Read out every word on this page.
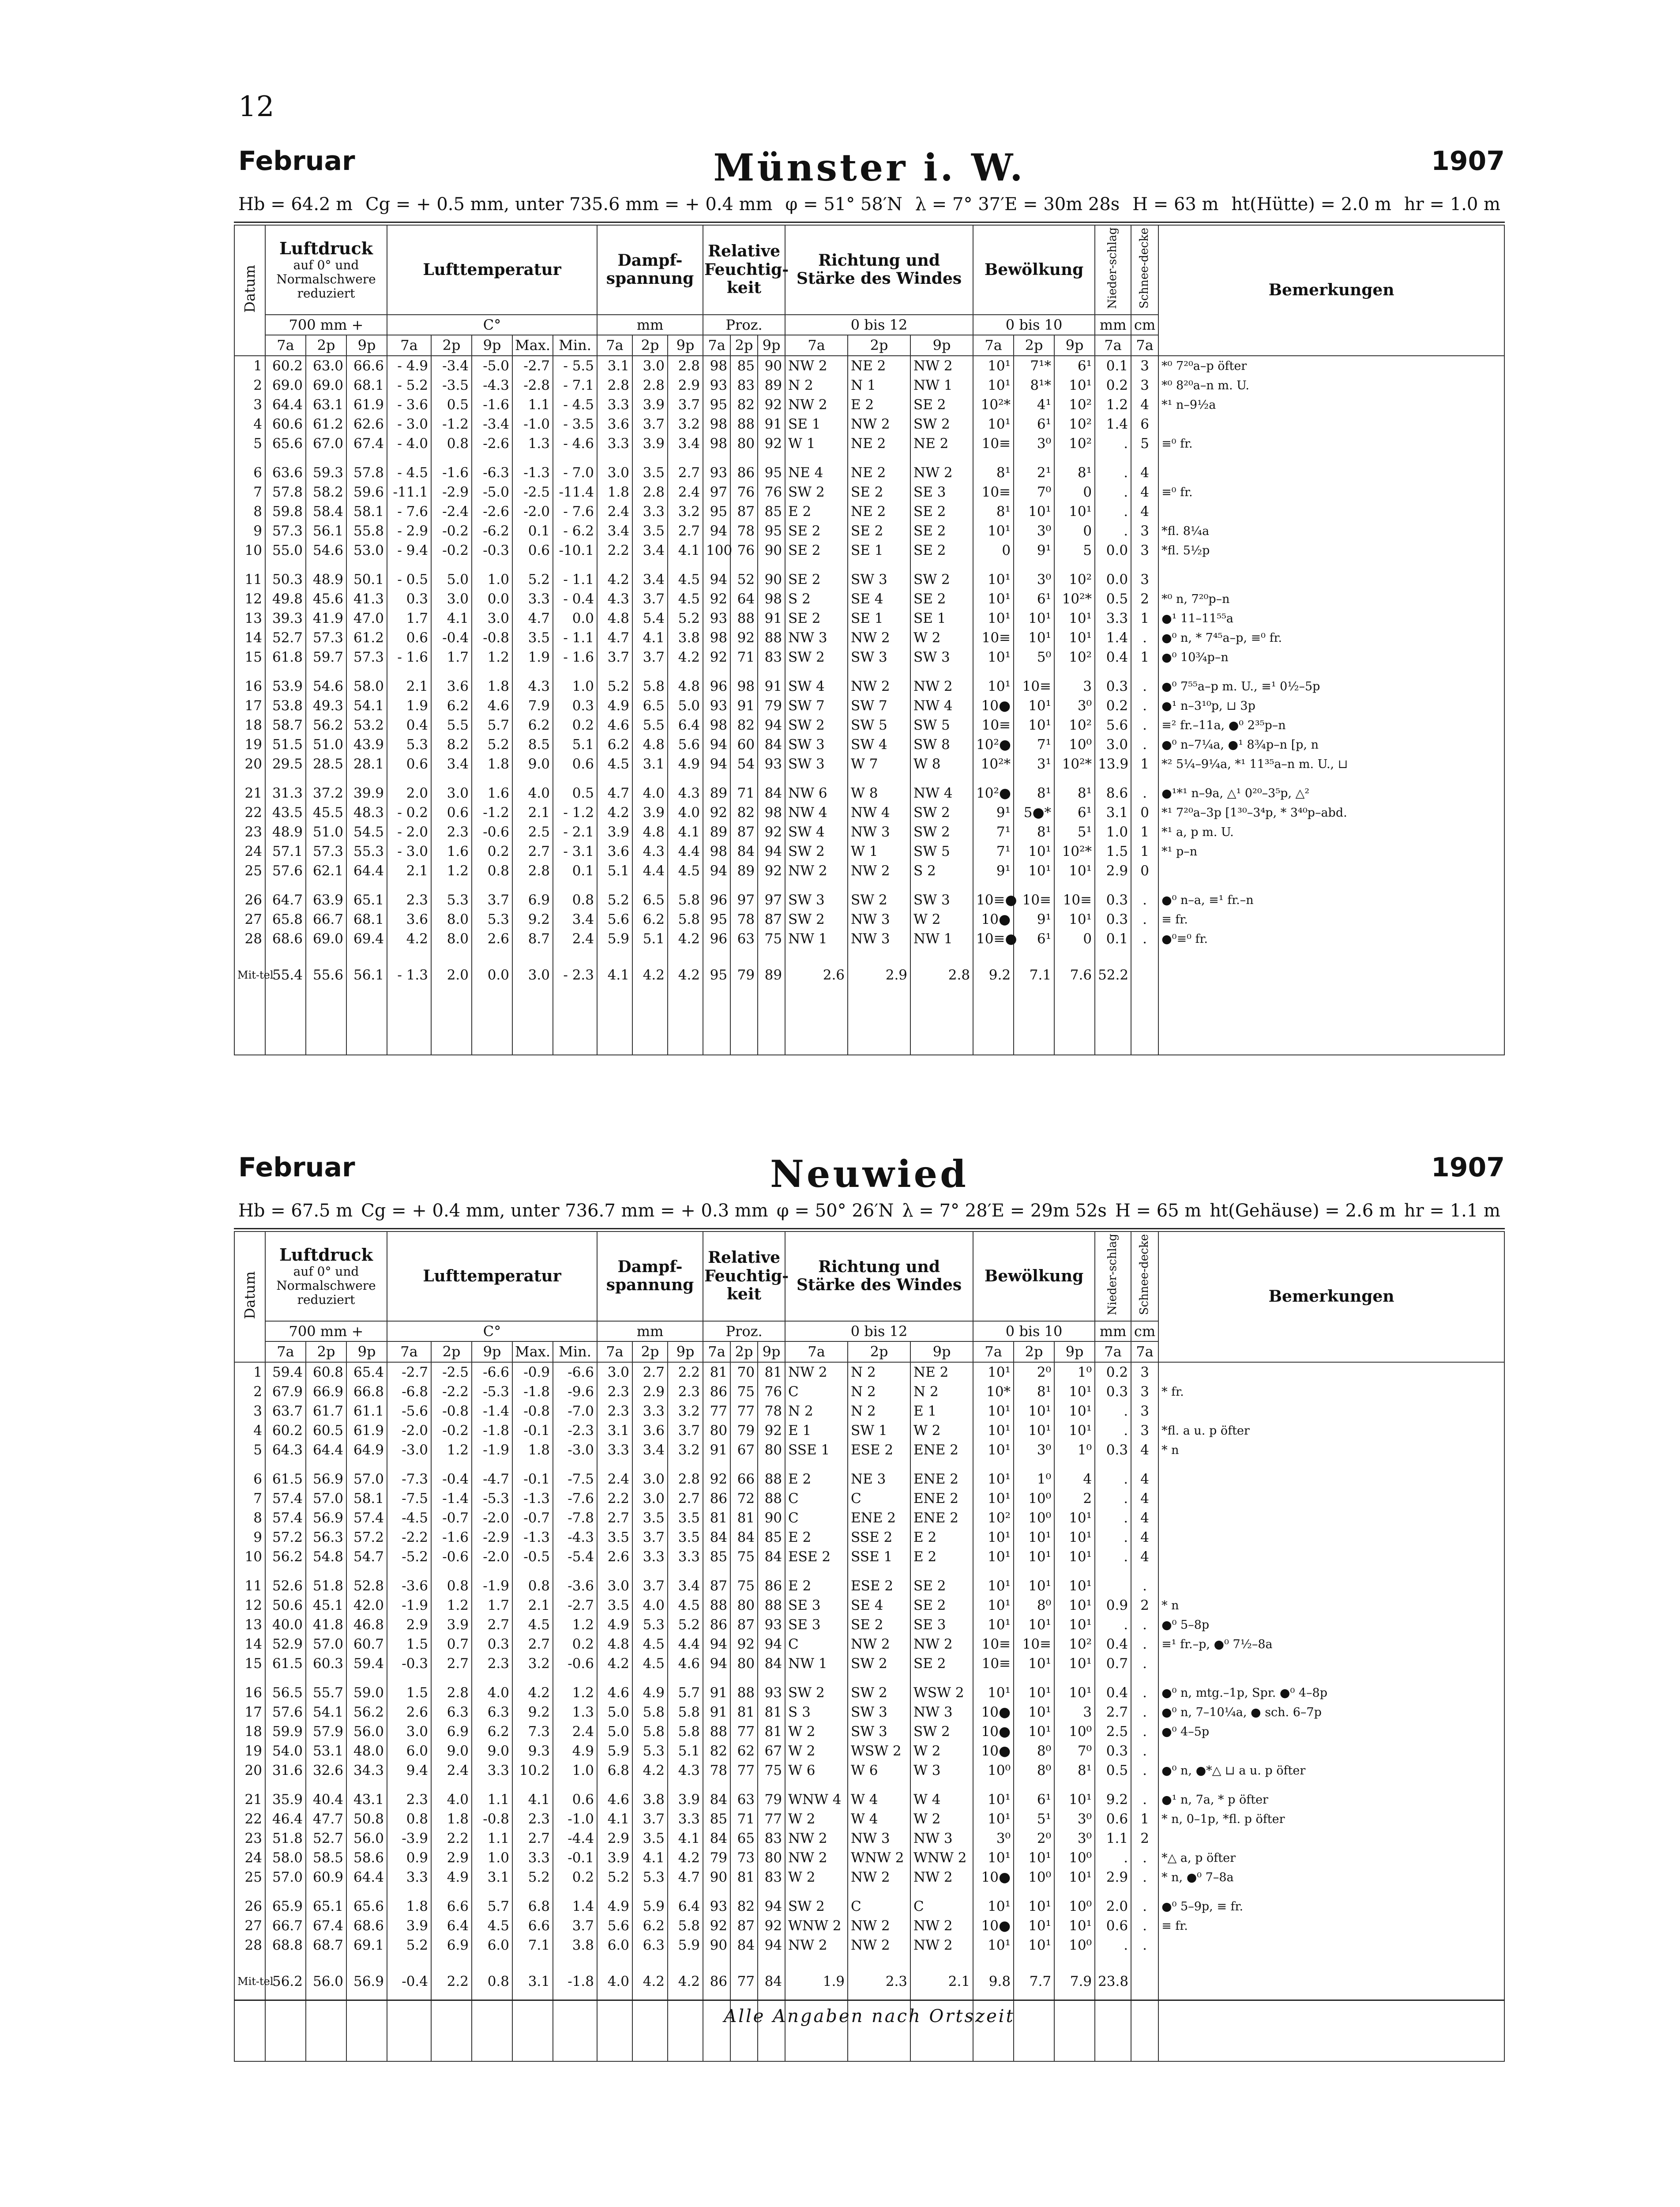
12
Februar	Münster i. W.	1907
Hb = 64.2 m Cg = + 0.5 mm, unter 735.6 mm = + 0.4 mm φ = 51° 58′N λ = 7° 37′E = 30m 28s H = 63 m ht(Hütte) = 2.0 m hr = 1.0 m
Datum	Luftdruck
auf 0° und
Normalschwere
reduziert			Lufttemperatur					Dampf-spannung			Relative Feuchtig-keit			Richtung und Stärke des Windes			Bewölkung			Nieder-schlag	Schnee-decke	Bemerkungen
	700 mm +			C°					mm			Proz.			0 bis 12			0 bis 10			mm	cm	
	7a	2p	9p	7a	2p	9p	Max.	Min.	7a	2p	9p	7a	2p	9p	7a	2p	9p	7a	2p	9p	7a	7a	
1	60.2	63.0	66.6	- 4.9	-3.4	-5.0	-2.7	- 5.5	3.1	3.0	2.8	98	85	90	NW 2	NE 2	NW 2	10¹	7¹*	6¹	0.1	3	*⁰ 7²⁰a–p öfter
2	69.0	69.0	68.1	- 5.2	-3.5	-4.3	-2.8	- 7.1	2.8	2.8	2.9	93	83	89	N 2	N 1	NW 1	10¹	8¹*	10¹	0.2	3	*⁰ 8²⁰a–n m. U.
3	64.4	63.1	61.9	- 3.6	0.5	-1.6	1.1	- 4.5	3.3	3.9	3.7	95	82	92	NW 2	E 2	SE 2	10²*	4¹	10²	1.2	4	*¹ n–9½a
4	60.6	61.2	62.6	- 3.0	-1.2	-3.4	-1.0	- 3.5	3.6	3.7	3.2	98	88	91	SE 1	NW 2	SW 2	10¹	6¹	10²	1.4	6	
5	65.6	67.0	67.4	- 4.0	0.8	-2.6	1.3	- 4.6	3.3	3.9	3.4	98	80	92	W 1	NE 2	NE 2	10≡	3⁰	10²	.	5	≡⁰ fr.
6	63.6	59.3	57.8	- 4.5	-1.6	-6.3	-1.3	- 7.0	3.0	3.5	2.7	93	86	95	NE 4	NE 2	NW 2	8¹	2¹	8¹	.	4	
7	57.8	58.2	59.6	-11.1	-2.9	-5.0	-2.5	-11.4	1.8	2.8	2.4	97	76	76	SW 2	SE 2	SE 3	10≡	7⁰	0	.	4	≡⁰ fr.
8	59.8	58.4	58.1	- 7.6	-2.4	-2.6	-2.0	- 7.6	2.4	3.3	3.2	95	87	85	E 2	NE 2	SE 2	8¹	10¹	10¹	.	4	
9	57.3	56.1	55.8	- 2.9	-0.2	-6.2	0.1	- 6.2	3.4	3.5	2.7	94	78	95	SE 2	SE 2	SE 2	10¹	3⁰	0	.	3	*fl. 8¼a
10	55.0	54.6	53.0	- 9.4	-0.2	-0.3	0.6	-10.1	2.2	3.4	4.1	100	76	90	SE 2	SE 1	SE 2	0	9¹	5	0.0	3	*fl. 5½p
11	50.3	48.9	50.1	- 0.5	5.0	1.0	5.2	- 1.1	4.2	3.4	4.5	94	52	90	SE 2	SW 3	SW 2	10¹	3⁰	10²	0.0	3	
12	49.8	45.6	41.3	0.3	3.0	0.0	3.3	- 0.4	4.3	3.7	4.5	92	64	98	S 2	SE 4	SE 2	10¹	6¹	10²*	0.5	2	*⁰ n, 7²⁰p–n
13	39.3	41.9	47.0	1.7	4.1	3.0	4.7	0.0	4.8	5.4	5.2	93	88	91	SE 2	SE 1	SE 1	10¹	10¹	10¹	3.3	1	●¹ 11–11⁵⁵a
14	52.7	57.3	61.2	0.6	-0.4	-0.8	3.5	- 1.1	4.7	4.1	3.8	98	92	88	NW 3	NW 2	W 2	10≡	10¹	10¹	1.4	.	●⁰ n, * 7⁴⁵a–p, ≡⁰ fr.
15	61.8	59.7	57.3	- 1.6	1.7	1.2	1.9	- 1.6	3.7	3.7	4.2	92	71	83	SW 2	SW 3	SW 3	10¹	5⁰	10²	0.4	1	●⁰ 10¾p–n
16	53.9	54.6	58.0	2.1	3.6	1.8	4.3	1.0	5.2	5.8	4.8	96	98	91	SW 4	NW 2	NW 2	10¹	10≡	3	0.3	.	●⁰ 7⁵⁵a–p m. U., ≡¹ 0½–5p
17	53.8	49.3	54.1	1.9	6.2	4.6	7.9	0.3	4.9	6.5	5.0	93	91	79	SW 7	SW 7	NW 4	10●	10¹	3⁰	0.2	.	●¹ n–3¹⁰p, ⊔ 3p
18	58.7	56.2	53.2	0.4	5.5	5.7	6.2	0.2	4.6	5.5	6.4	98	82	94	SW 2	SW 5	SW 5	10≡	10¹	10²	5.6	.	≡² fr.–11a, ●⁰ 2³⁵p–n
19	51.5	51.0	43.9	5.3	8.2	5.2	8.5	5.1	6.2	4.8	5.6	94	60	84	SW 3	SW 4	SW 8	10²●	7¹	10⁰	3.0	.	●⁰ n–7¼a, ●¹ 8¾p–n [p, n
20	29.5	28.5	28.1	0.6	3.4	1.8	9.0	0.6	4.5	3.1	4.9	94	54	93	SW 3	W 7	W 8	10²*	3¹	10²*	13.9	1	*² 5¼–9¼a, *¹ 11³⁵a–n m. U., ⊔
21	31.3	37.2	39.9	2.0	3.0	1.6	4.0	0.5	4.7	4.0	4.3	89	71	84	NW 6	W 8	NW 4	10²●	8¹	8¹	8.6	.	●¹*¹ n–9a, △¹ 0²⁰–3⁵p, △²
22	43.5	45.5	48.3	- 0.2	0.6	-1.2	2.1	- 1.2	4.2	3.9	4.0	92	82	98	NW 4	NW 4	SW 2	9¹	5●*	6¹	3.1	0	*¹ 7²⁰a–3p [1³⁰–3⁴p, * 3⁴⁰p–abd.
23	48.9	51.0	54.5	- 2.0	2.3	-0.6	2.5	- 2.1	3.9	4.8	4.1	89	87	92	SW 4	NW 3	SW 2	7¹	8¹	5¹	1.0	1	*¹ a, p m. U.
24	57.1	57.3	55.3	- 3.0	1.6	0.2	2.7	- 3.1	3.6	4.3	4.4	98	84	94	SW 2	W 1	SW 5	7¹	10¹	10²*	1.5	1	*¹ p–n
25	57.6	62.1	64.4	2.1	1.2	0.8	2.8	0.1	5.1	4.4	4.5	94	89	92	NW 2	NW 2	S 2	9¹	10¹	10¹	2.9	0	
26	64.7	63.9	65.1	2.3	5.3	3.7	6.9	0.8	5.2	6.5	5.8	96	97	97	SW 3	SW 2	SW 3	10≡●	10≡	10≡	0.3	.	●⁰ n–a, ≡¹ fr.–n
27	65.8	66.7	68.1	3.6	8.0	5.3	9.2	3.4	5.6	6.2	5.8	95	78	87	SW 2	NW 3	W 2	10●	9¹	10¹	0.3	.	≡ fr.
28	68.6	69.0	69.4	4.2	8.0	2.6	8.7	2.4	5.9	5.1	4.2	96	63	75	NW 1	NW 3	NW 1	10≡●	6¹	0	0.1	.	●⁰≡⁰ fr.
Mit-tel	55.4	55.6	56.1	- 1.3	2.0	0.0	3.0	- 2.3	4.1	4.2	4.2	95	79	89	2.6	2.9	2.8	9.2	7.1	7.6	52.2		

Februar	Neuwied	1907
Hb = 67.5 m Cg = + 0.4 mm, unter 736.7 mm = + 0.3 mm φ = 50° 26′N λ = 7° 28′E = 29m 52s H = 65 m ht(Gehäuse) = 2.6 m hr = 1.1 m
Datum	Luftdruck
auf 0° und
Normalschwere
reduziert			Lufttemperatur					Dampf-spannung			Relative Feuchtig-keit			Richtung und Stärke des Windes			Bewölkung			Nieder-schlag	Schnee-decke	Bemerkungen
	700 mm +			C°					mm			Proz.			0 bis 12			0 bis 10			mm	cm	
	7a	2p	9p	7a	2p	9p	Max.	Min.	7a	2p	9p	7a	2p	9p	7a	2p	9p	7a	2p	9p	7a	7a	
1	59.4	60.8	65.4	-2.7	-2.5	-6.6	-0.9	-6.6	3.0	2.7	2.2	81	70	81	NW 2	N 2	NE 2	10¹	2⁰	1⁰	0.2	3	
2	67.9	66.9	66.8	-6.8	-2.2	-5.3	-1.8	-9.6	2.3	2.9	2.3	86	75	76	C	N 2	N 2	10*	8¹	10¹	0.3	3	* fr.
3	63.7	61.7	61.1	-5.6	-0.8	-1.4	-0.8	-7.0	2.3	3.3	3.2	77	77	78	N 2	N 2	E 1	10¹	10¹	10¹	.	3	
4	60.2	60.5	61.9	-2.0	-0.2	-1.8	-0.1	-2.3	3.1	3.6	3.7	80	79	92	E 1	SW 1	W 2	10¹	10¹	10¹	.	3	*fl. a u. p öfter
5	64.3	64.4	64.9	-3.0	1.2	-1.9	1.8	-3.0	3.3	3.4	3.2	91	67	80	SSE 1	ESE 2	ENE 2	10¹	3⁰	1⁰	0.3	4	* n
6	61.5	56.9	57.0	-7.3	-0.4	-4.7	-0.1	-7.5	2.4	3.0	2.8	92	66	88	E 2	NE 3	ENE 2	10¹	1⁰	4	.	4	
7	57.4	57.0	58.1	-7.5	-1.4	-5.3	-1.3	-7.6	2.2	3.0	2.7	86	72	88	C	C	ENE 2	10¹	10⁰	2	.	4	
8	57.4	56.9	57.4	-4.5	-0.7	-2.0	-0.7	-7.8	2.7	3.5	3.5	81	81	90	C	ENE 2	ENE 2	10²	10⁰	10¹	.	4	
9	57.2	56.3	57.2	-2.2	-1.6	-2.9	-1.3	-4.3	3.5	3.7	3.5	84	84	85	E 2	SSE 2	E 2	10¹	10¹	10¹	.	4	
10	56.2	54.8	54.7	-5.2	-0.6	-2.0	-0.5	-5.4	2.6	3.3	3.3	85	75	84	ESE 2	SSE 1	E 2	10¹	10¹	10¹	.	4	
11	52.6	51.8	52.8	-3.6	0.8	-1.9	0.8	-3.6	3.0	3.7	3.4	87	75	86	E 2	ESE 2	SE 2	10¹	10¹	10¹		.	
12	50.6	45.1	42.0	-1.9	1.2	1.7	2.1	-2.7	3.5	4.0	4.5	88	80	88	SE 3	SE 4	SE 2	10¹	8⁰	10¹	0.9	2	* n
13	40.0	41.8	46.8	2.9	3.9	2.7	4.5	1.2	4.9	5.3	5.2	86	87	93	SE 3	SE 2	SE 3	10¹	10¹	10¹	.	.	●⁰ 5–8p
14	52.9	57.0	60.7	1.5	0.7	0.3	2.7	0.2	4.8	4.5	4.4	94	92	94	C	NW 2	NW 2	10≡	10≡	10²	0.4	.	≡¹ fr.–p, ●⁰ 7½–8a
15	61.5	60.3	59.4	-0.3	2.7	2.3	3.2	-0.6	4.2	4.5	4.6	94	80	84	NW 1	SW 2	SE 2	10≡	10¹	10¹	0.7	.	
16	56.5	55.7	59.0	1.5	2.8	4.0	4.2	1.2	4.6	4.9	5.7	91	88	93	SW 2	SW 2	WSW 2	10¹	10¹	10¹	0.4	.	●⁰ n, mtg.–1p, Spr. ●⁰ 4–8p
17	57.6	54.1	56.2	2.6	6.3	6.3	9.2	1.3	5.0	5.8	5.8	91	81	81	S 3	SW 3	NW 3	10●	10¹	3	2.7	.	●⁰ n, 7–10¼a, ● sch. 6–7p
18	59.9	57.9	56.0	3.0	6.9	6.2	7.3	2.4	5.0	5.8	5.8	88	77	81	W 2	SW 3	SW 2	10●	10¹	10⁰	2.5	.	●⁰ 4–5p
19	54.0	53.1	48.0	6.0	9.0	9.0	9.3	4.9	5.9	5.3	5.1	82	62	67	W 2	WSW 2	W 2	10●	8⁰	7⁰	0.3	.	
20	31.6	32.6	34.3	9.4	2.4	3.3	10.2	1.0	6.8	4.2	4.3	78	77	75	W 6	W 6	W 3	10⁰	8⁰	8¹	0.5	.	●⁰ n, ●*△ ⊔ a u. p öfter
21	35.9	40.4	43.1	2.3	4.0	1.1	4.1	0.6	4.6	3.8	3.9	84	63	79	WNW 4	W 4	W 4	10¹	6¹	10¹	9.2	.	●¹ n, 7a, * p öfter
22	46.4	47.7	50.8	0.8	1.8	-0.8	2.3	-1.0	4.1	3.7	3.3	85	71	77	W 2	W 4	W 2	10¹	5¹	3⁰	0.6	1	* n, 0–1p, *fl. p öfter
23	51.8	52.7	56.0	-3.9	2.2	1.1	2.7	-4.4	2.9	3.5	4.1	84	65	83	NW 2	NW 3	NW 3	3⁰	2⁰	3⁰	1.1	2	
24	58.0	58.5	58.6	0.9	2.9	1.0	3.3	-0.1	3.9	4.1	4.2	79	73	80	NW 2	WNW 2	WNW 2	10¹	10¹	10⁰	.	.	*△ a, p öfter
25	57.0	60.9	64.4	3.3	4.9	3.1	5.2	0.2	5.2	5.3	4.7	90	81	83	W 2	NW 2	NW 2	10●	10⁰	10¹	2.9	.	* n, ●⁰ 7–8a
26	65.9	65.1	65.6	1.8	6.6	5.7	6.8	1.4	4.9	5.9	6.4	93	82	94	SW 2	C	C	10¹	10¹	10⁰	2.0	.	●⁰ 5–9p, ≡ fr.
27	66.7	67.4	68.6	3.9	6.4	4.5	6.6	3.7	5.6	6.2	5.8	92	87	92	WNW 2	NW 2	NW 2	10●	10¹	10¹	0.6	.	≡ fr.
28	68.8	68.7	69.1	5.2	6.9	6.0	7.1	3.8	6.0	6.3	5.9	90	84	94	NW 2	NW 2	NW 2	10¹	10¹	10⁰	.	.	
Mit-tel	56.2	56.0	56.9	-0.4	2.2	0.8	3.1	-1.8	4.0	4.2	4.2	86	77	84	1.9	2.3	2.1	9.8	7.7	7.9	23.8		

Alle Angaben nach Ortszeit
